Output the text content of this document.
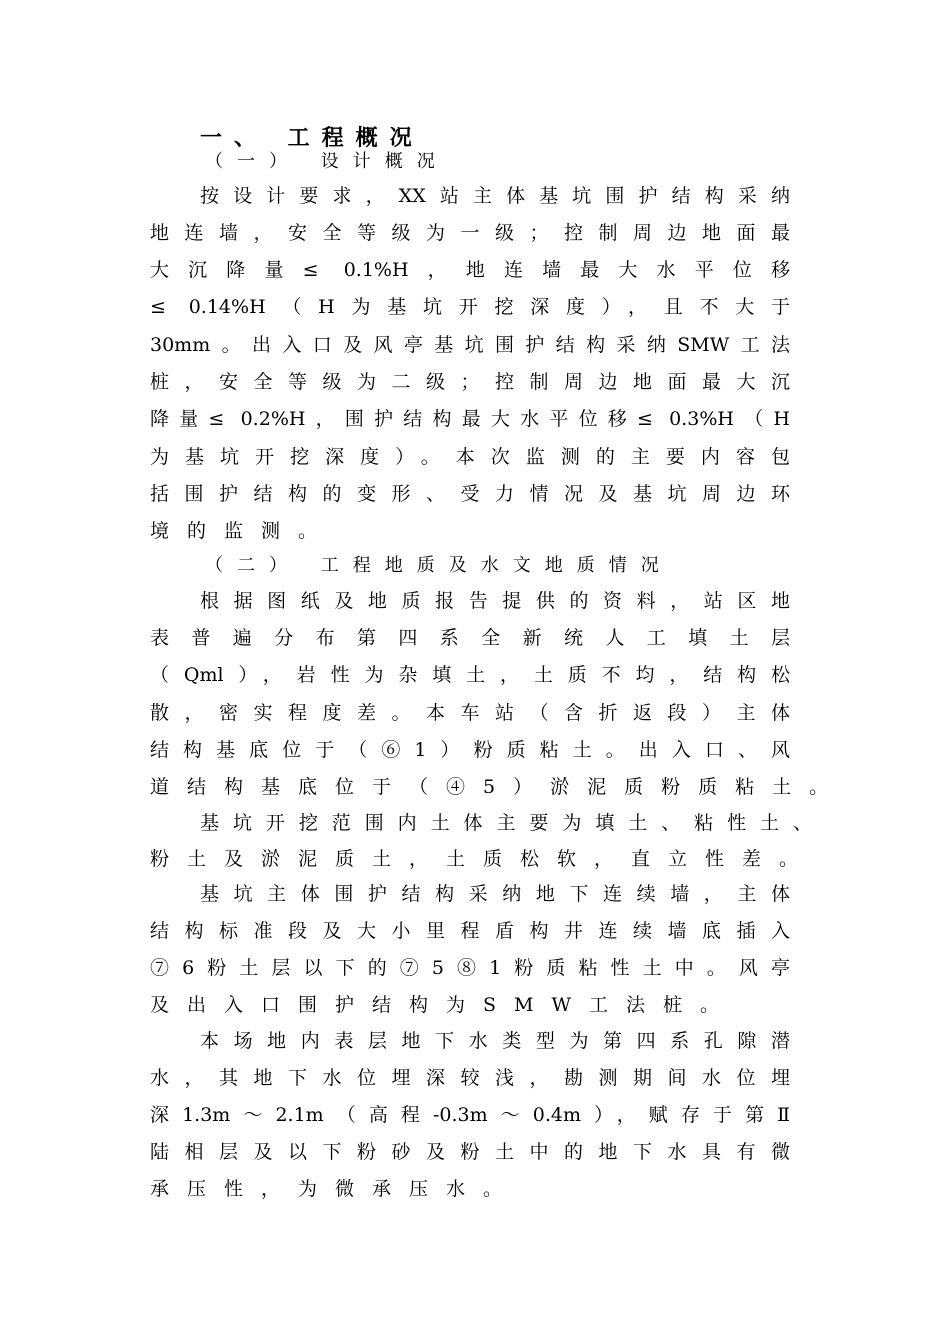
一、 工程概况
（一） 设计概况
按设计要求，XX站主体基坑围护结构采纳
地连墙，安全等级为一级；控制周边地面最
大沉降量≤ 0.1%H，地连墙最大水平位移
≤ 0.14%H（H为基坑开挖深度），且不大于
30mm。出入口及风亭基坑围护结构采纳SMW工法
桩，安全等级为二级；控制周边地面最大沉
降量≤ 0.2%H，围护结构最大水平位移≤ 0.3%H（H
为基坑开挖深度）。本次监测的主要内容包
括围护结构的变形、受力情况及基坑周边环
境的监测。
（二） 工程地质及水文地质情况
根据图纸及地质报告提供的资料，站区地
表普遍分布第四系全新统人工填土层
（Qml），岩性为杂填土，土质不均，结构松
散，密实程度差。本车站（含折返段）主体
结构基底位于（⑥1）粉质粘土。出入口、风
道结构基底位于（④5）淤泥质粉质粘土。
基坑开挖范围内土体主要为填土、粘性土、
粉土及淤泥质土，土质松软，直立性差。
基坑主体围护结构采纳地下连续墙，主体
结构标准段及大小里程盾构井连续墙底插入
⑦6粉土层以下的⑦5⑧1粉质粘性土中。风亭
及出入口围护结构为SMW工法桩。
本场地内表层地下水类型为第四系孔隙潜
水，其地下水位埋深较浅，勘测期间水位埋
深1.3m～2.1m（高程-0.3m～0.4m），赋存于第Ⅱ
陆相层及以下粉砂及粉土中的地下水具有微
承压性，为微承压水。
